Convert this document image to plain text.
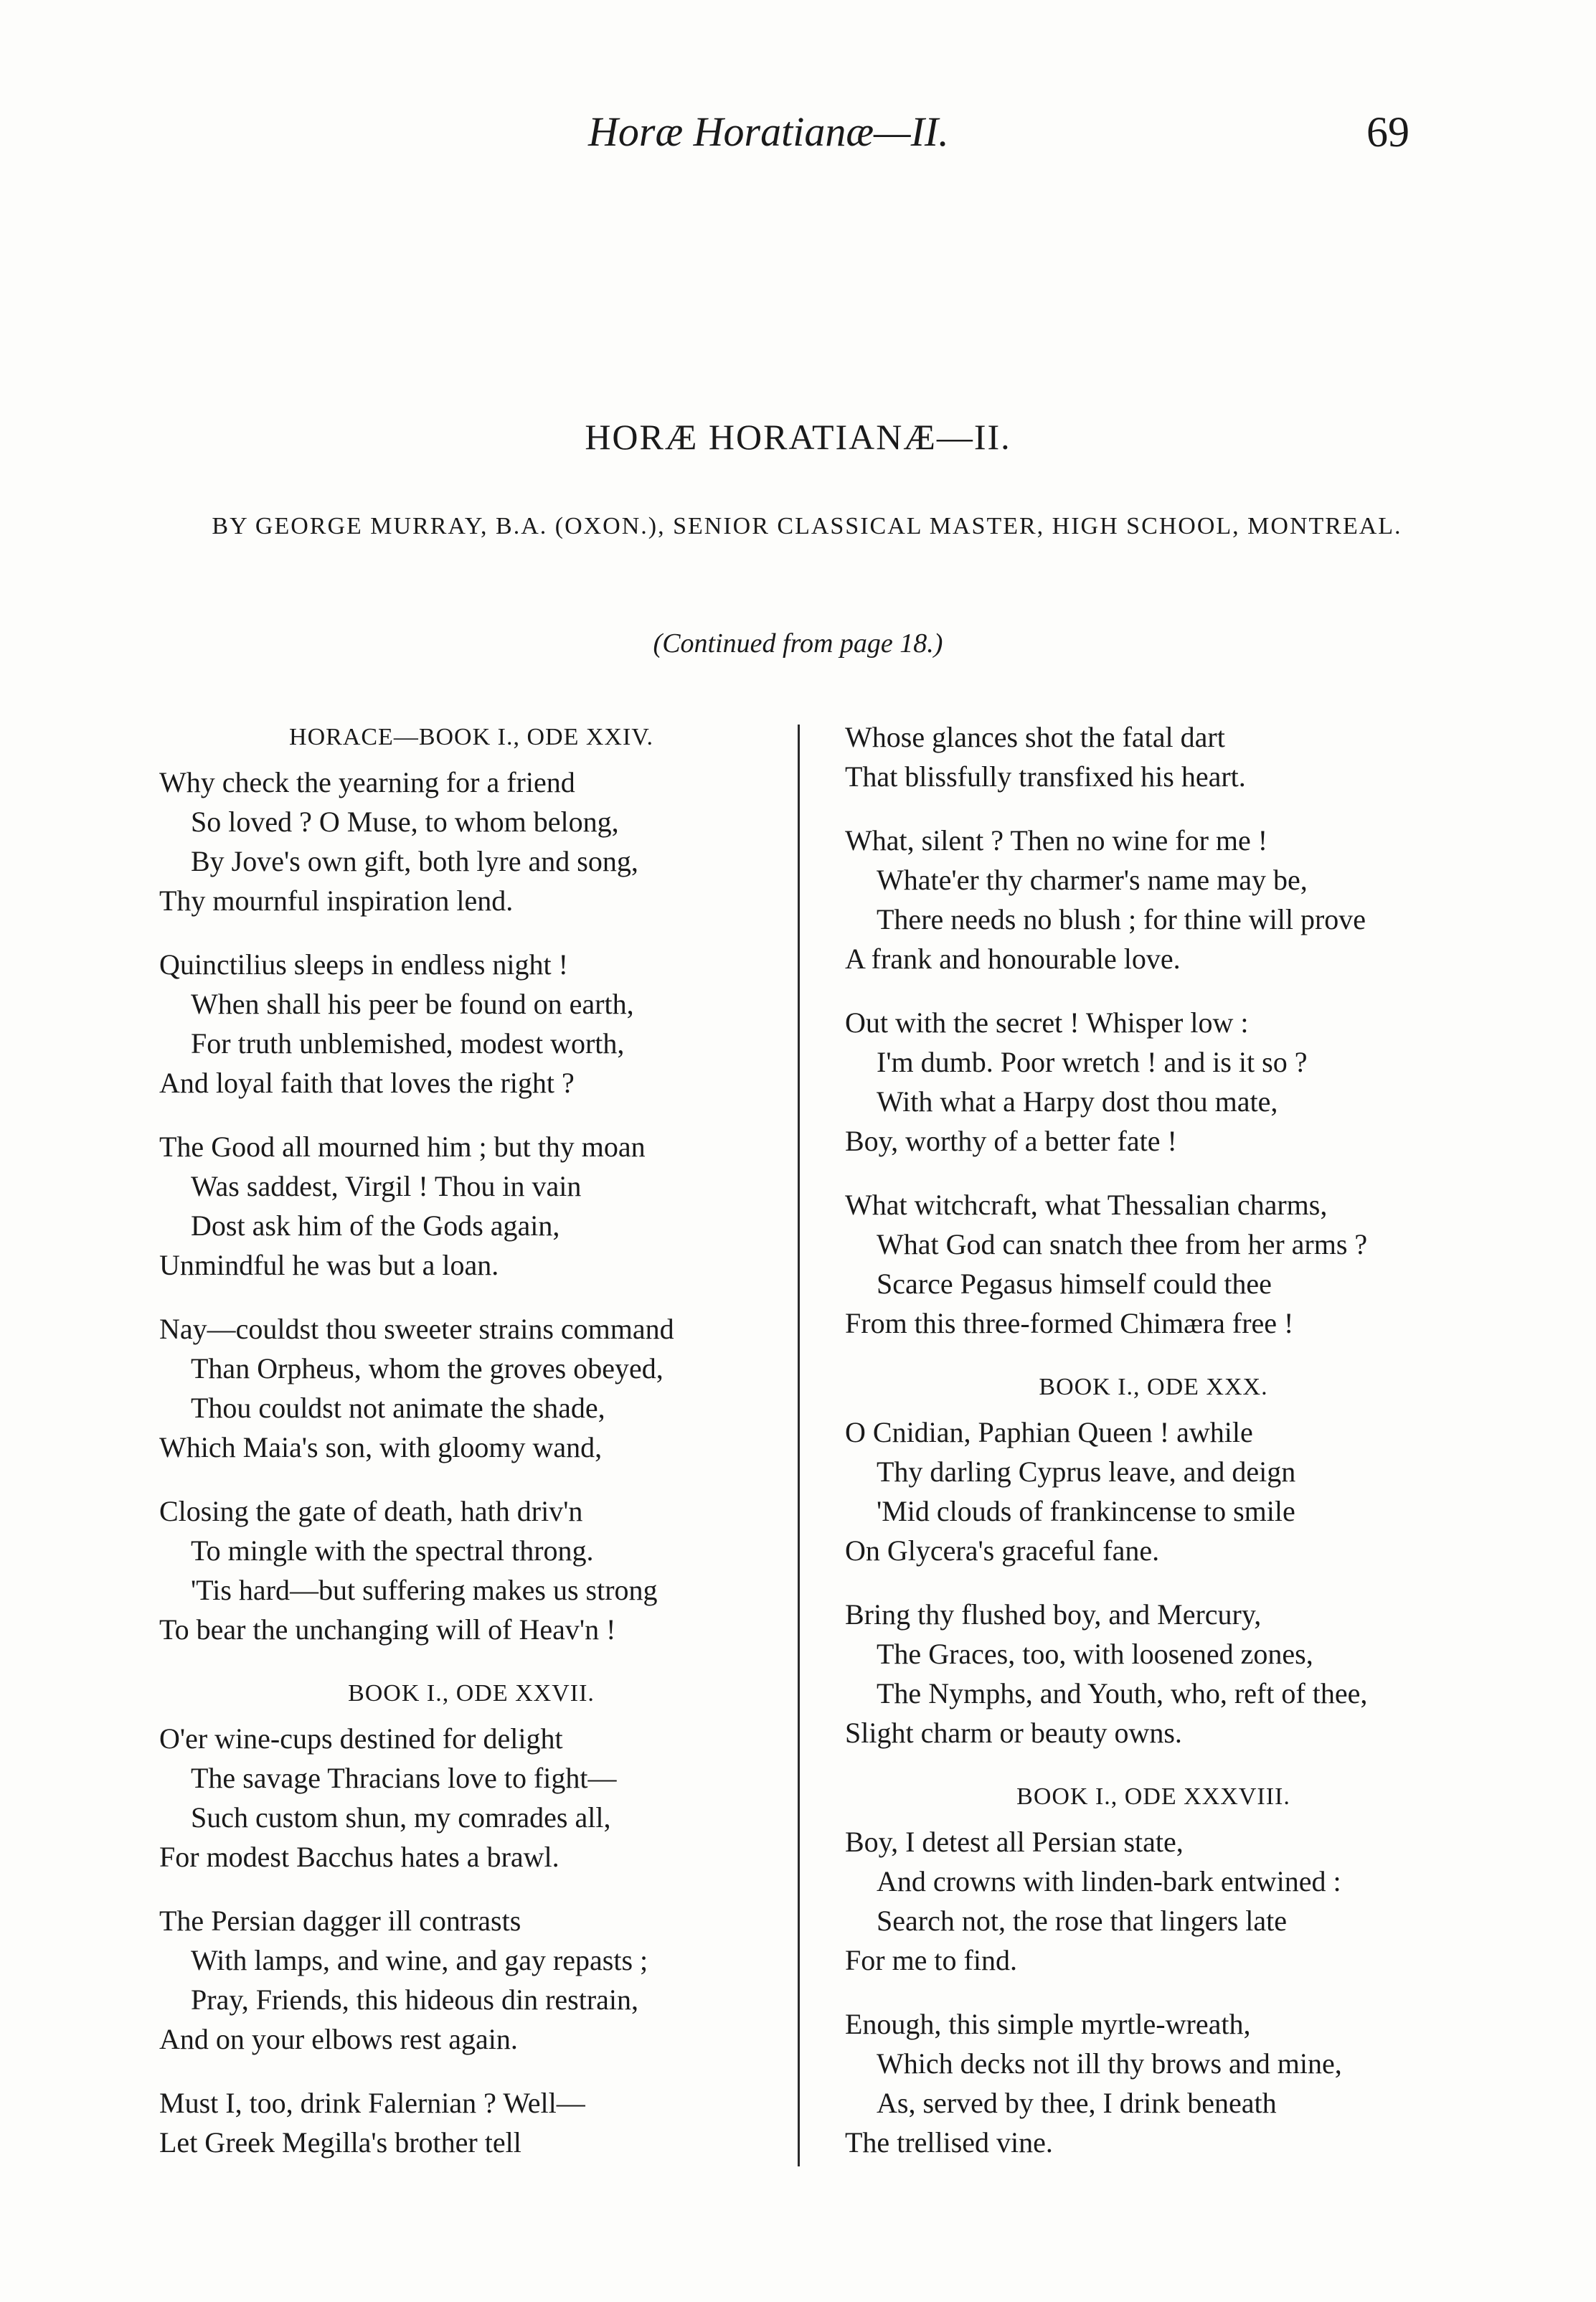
Horæ Horatianæ—II.	69
HORÆ HORATIANÆ—II.
BY GEORGE MURRAY, B.A. (OXON.), SENIOR CLASSICAL MASTER, HIGH SCHOOL, MONTREAL.
(Continued from page 18.)
HORACE—BOOK I., ODE XXIV.
Why check the yearning for a friend
So loved ? O Muse, to whom belong,
By Jove's own gift, both lyre and song,
Thy mournful inspiration lend.
Quinctilius sleeps in endless night !
When shall his peer be found on earth,
For truth unblemished, modest worth,
And loyal faith that loves the right ?
The Good all mourned him ; but thy moan
Was saddest, Virgil ! Thou in vain
Dost ask him of the Gods again,
Unmindful he was but a loan.
Nay—couldst thou sweeter strains command
Than Orpheus, whom the groves obeyed,
Thou couldst not animate the shade,
Which Maia's son, with gloomy wand,
Closing the gate of death, hath driv'n
To mingle with the spectral throng.
'Tis hard—but suffering makes us strong
To bear the unchanging will of Heav'n !
BOOK I., ODE XXVII.
O'er wine-cups destined for delight
The savage Thracians love to fight—
Such custom shun, my comrades all,
For modest Bacchus hates a brawl.
The Persian dagger ill contrasts
With lamps, and wine, and gay repasts ;
Pray, Friends, this hideous din restrain,
And on your elbows rest again.
Must I, too, drink Falernian ? Well—
Let Greek Megilla's brother tell
Whose glances shot the fatal dart
That blissfully transfixed his heart.
What, silent ? Then no wine for me !
Whate'er thy charmer's name may be,
There needs no blush ; for thine will prove
A frank and honourable love.
Out with the secret ! Whisper low :
I'm dumb. Poor wretch ! and is it so ?
With what a Harpy dost thou mate,
Boy, worthy of a better fate !
What witchcraft, what Thessalian charms,
What God can snatch thee from her arms ?
Scarce Pegasus himself could thee
From this three-formed Chimæra free !
BOOK I., ODE XXX.
O Cnidian, Paphian Queen ! awhile
Thy darling Cyprus leave, and deign
'Mid clouds of frankincense to smile
On Glycera's graceful fane.
Bring thy flushed boy, and Mercury,
The Graces, too, with loosened zones,
The Nymphs, and Youth, who, reft of thee,
Slight charm or beauty owns.
BOOK I., ODE XXXVIII.
Boy, I detest all Persian state,
And crowns with linden-bark entwined :
Search not, the rose that lingers late
For me to find.
Enough, this simple myrtle-wreath,
Which decks not ill thy brows and mine,
As, served by thee, I drink beneath
The trellised vine.
